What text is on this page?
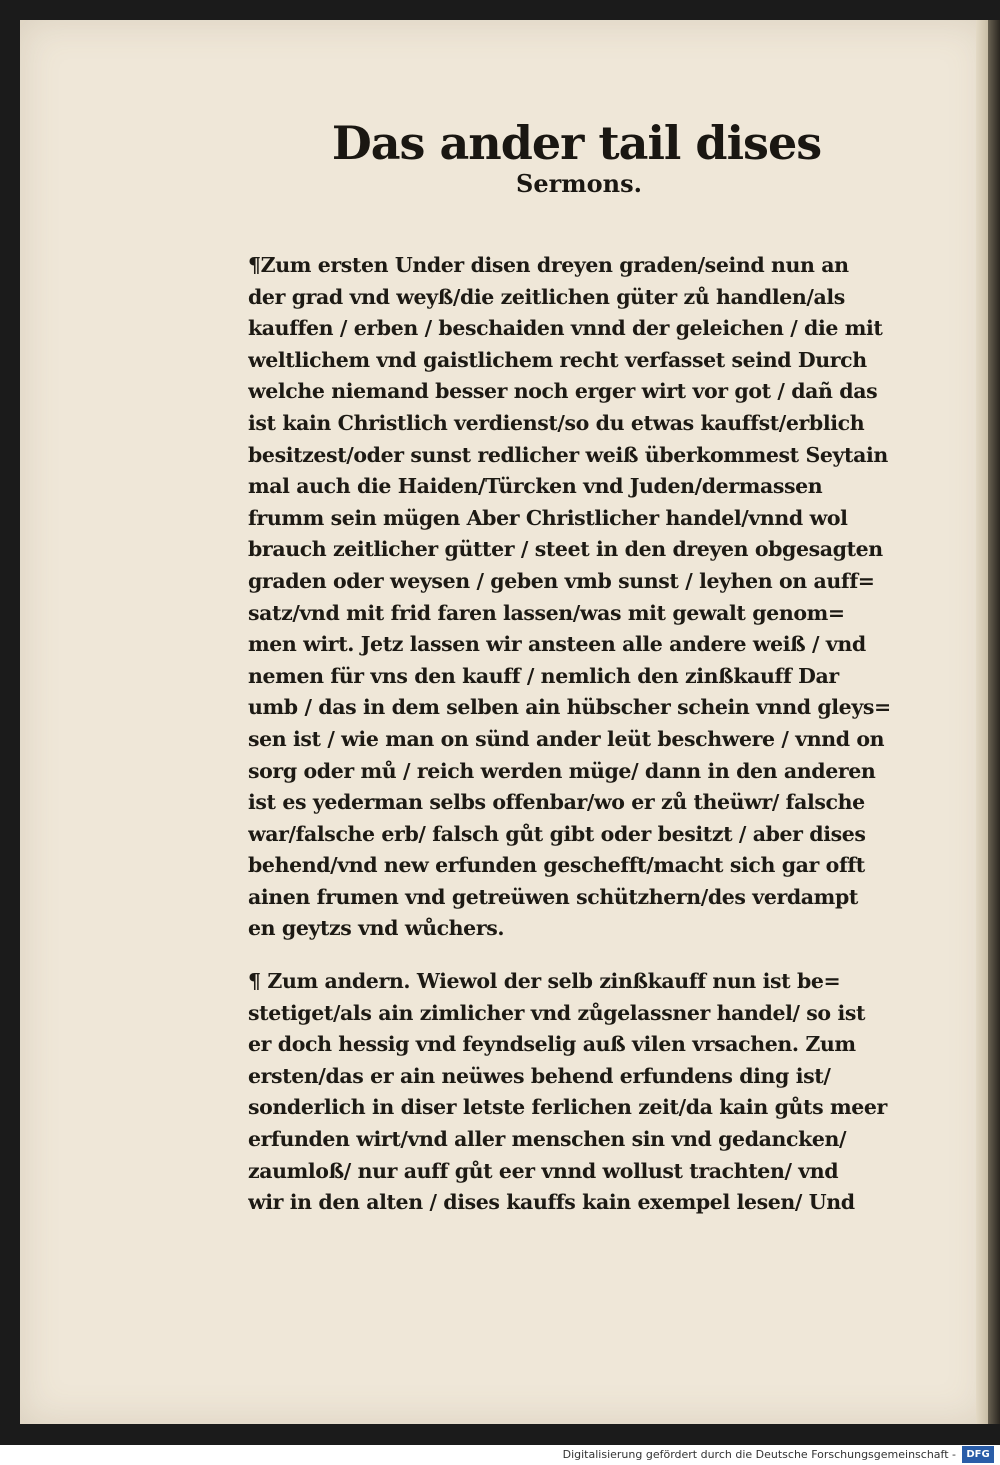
Das ander tail dises
Sermons.
¶Zum ersten Under disen dreyen graden/seind nun an
der grad vnd weyß/die zeitlichen güter zů handlen/als
kauffen / erben / beschaiden vnnd der geleichen / die mit
weltlichem vnd gaistlichem recht verfasset seind Durch
welche niemand besser noch erger wirt vor got / dañ das
ist kain Christlich verdienst/so du etwas kauffst/erblich
besitzest/oder sunst redlicher weiß überkommest Seytain
mal auch die Haiden/Türcken vnd Juden/dermassen
frumm sein mügen Aber Christlicher handel/vnnd wol
brauch zeitlicher gütter / steet in den dreyen obgesagten
graden oder weysen / geben vmb sunst / leyhen on auff=
satz/vnd mit frid faren lassen/was mit gewalt genom=
men wirt. Jetz lassen wir ansteen alle andere weiß / vnd
nemen für vns den kauff / nemlich den zinßkauff Dar
umb / das in dem selben ain hübscher schein vnnd gleys=
sen ist / wie man on sünd ander leüt beschwere / vnnd on
sorg oder mů / reich werden müge/ dann in den anderen
ist es yederman selbs offenbar/wo er zů theüwr/ falsche
war/falsche erb/ falsch gůt gibt oder besitzt / aber dises
behend/vnd new erfunden geschefft/macht sich gar offt
ainen frumen vnd getreüwen schützhern/des verdampt
en geytzs vnd wůchers.
¶ Zum andern. Wiewol der selb zinßkauff nun ist be=
stetiget/als ain zimlicher vnd zůgelassner handel/ so ist
er doch hessig vnd feyndselig auß vilen vrsachen. Zum
ersten/das er ain neüwes behend erfundens ding ist/
sonderlich in diser letste ferlichen zeit/da kain gůts meer
erfunden wirt/vnd aller menschen sin vnd gedancken/
zaumloß/ nur auff gůt eer vnnd wollust trachten/ vnd
wir in den alten / dises kauffs kain exempel lesen/ Und
Digitalisierung gefördert durch die Deutsche Forschungsgemeinschaft -	DFG
